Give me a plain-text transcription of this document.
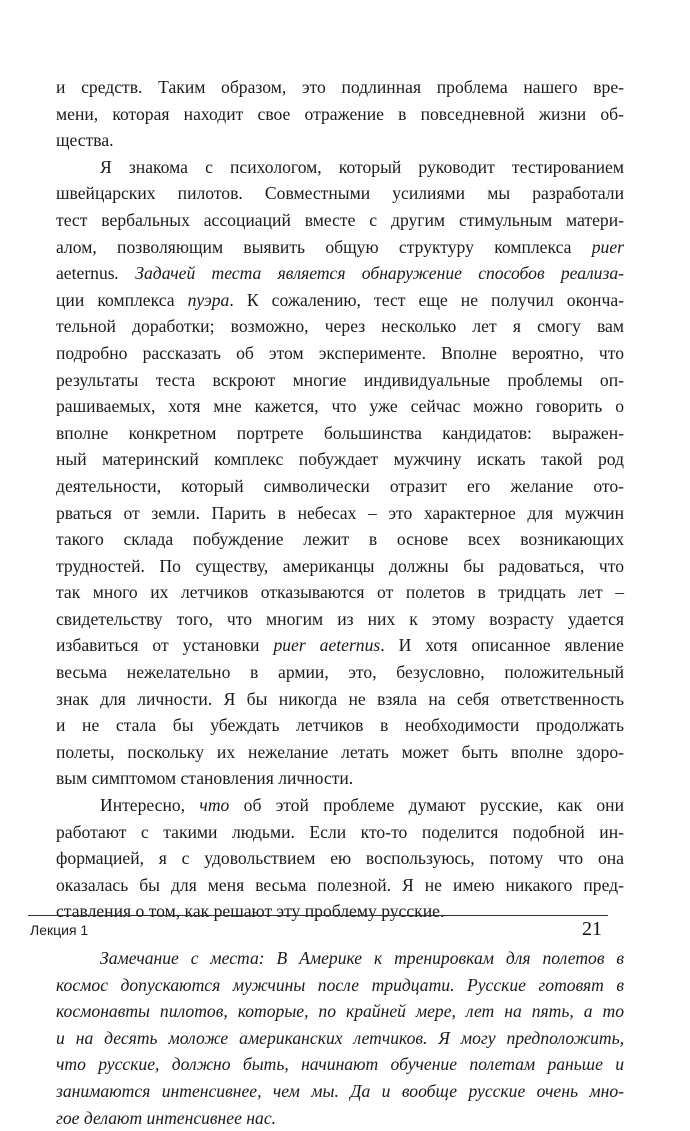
и средств. Таким образом, это подлинная проблема нашего вре-
мени, которая находит свое отражение в повседневной жизни об-
щества.
Я знакома с психологом, который руководит тестированием
швейцарских пилотов. Совместными усилиями мы разработали
тест вербальных ассоциаций вместе с другим стимульным матери-
алом, позволяющим выявить общую структуру комплекса puer
aeternus. Задачей теста является обнаружение способов реализа-
ции комплекса пуэра. К сожалению, тест еще не получил оконча-
тельной доработки; возможно, через несколько лет я смогу вам
подробно рассказать об этом эксперименте. Вполне вероятно, что
результаты теста вскроют многие индивидуальные проблемы оп-
рашиваемых, хотя мне кажется, что уже сейчас можно говорить о
вполне конкретном портрете большинства кандидатов: выражен-
ный материнский комплекс побуждает мужчину искать такой род
деятельности, который символически отразит его желание ото-
рваться от земли. Парить в небесах – это характерное для мужчин
такого склада побуждение лежит в основе всех возникающих
трудностей. По существу, американцы должны бы радоваться, что
так много их летчиков отказываются от полетов в тридцать лет –
свидетельству того, что многим из них к этому возрасту удается
избавиться от установки puer aeternus. И хотя описанное явление
весьма нежелательно в армии, это, безусловно, положительный
знак для личности. Я бы никогда не взяла на себя ответственность
и не стала бы убеждать летчиков в необходимости продолжать
полеты, поскольку их нежелание летать может быть вполне здоро-
вым симптомом становления личности.
Интересно, что об этой проблеме думают русские, как они
работают с такими людьми. Если кто-то поделится подобной ин-
формацией, я с удовольствием ею воспользуюсь, потому что она
оказалась бы для меня весьма полезной. Я не имею никакого пред-
ставления о том, как решают эту проблему русские.
Замечание с места: В Америке к тренировкам для полетов в
космос допускаются мужчины после тридцати. Русские готовят в
космонавты пилотов, которые, по крайней мере, лет на пять, а то
и на десять моложе американских летчиков. Я могу предположить,
что русские, должно быть, начинают обучение полетам раньше и
занимаются интенсивнее, чем мы. Да и вообще русские очень мно-
гое делают интенсивнее нас.
Лекция 1	21
